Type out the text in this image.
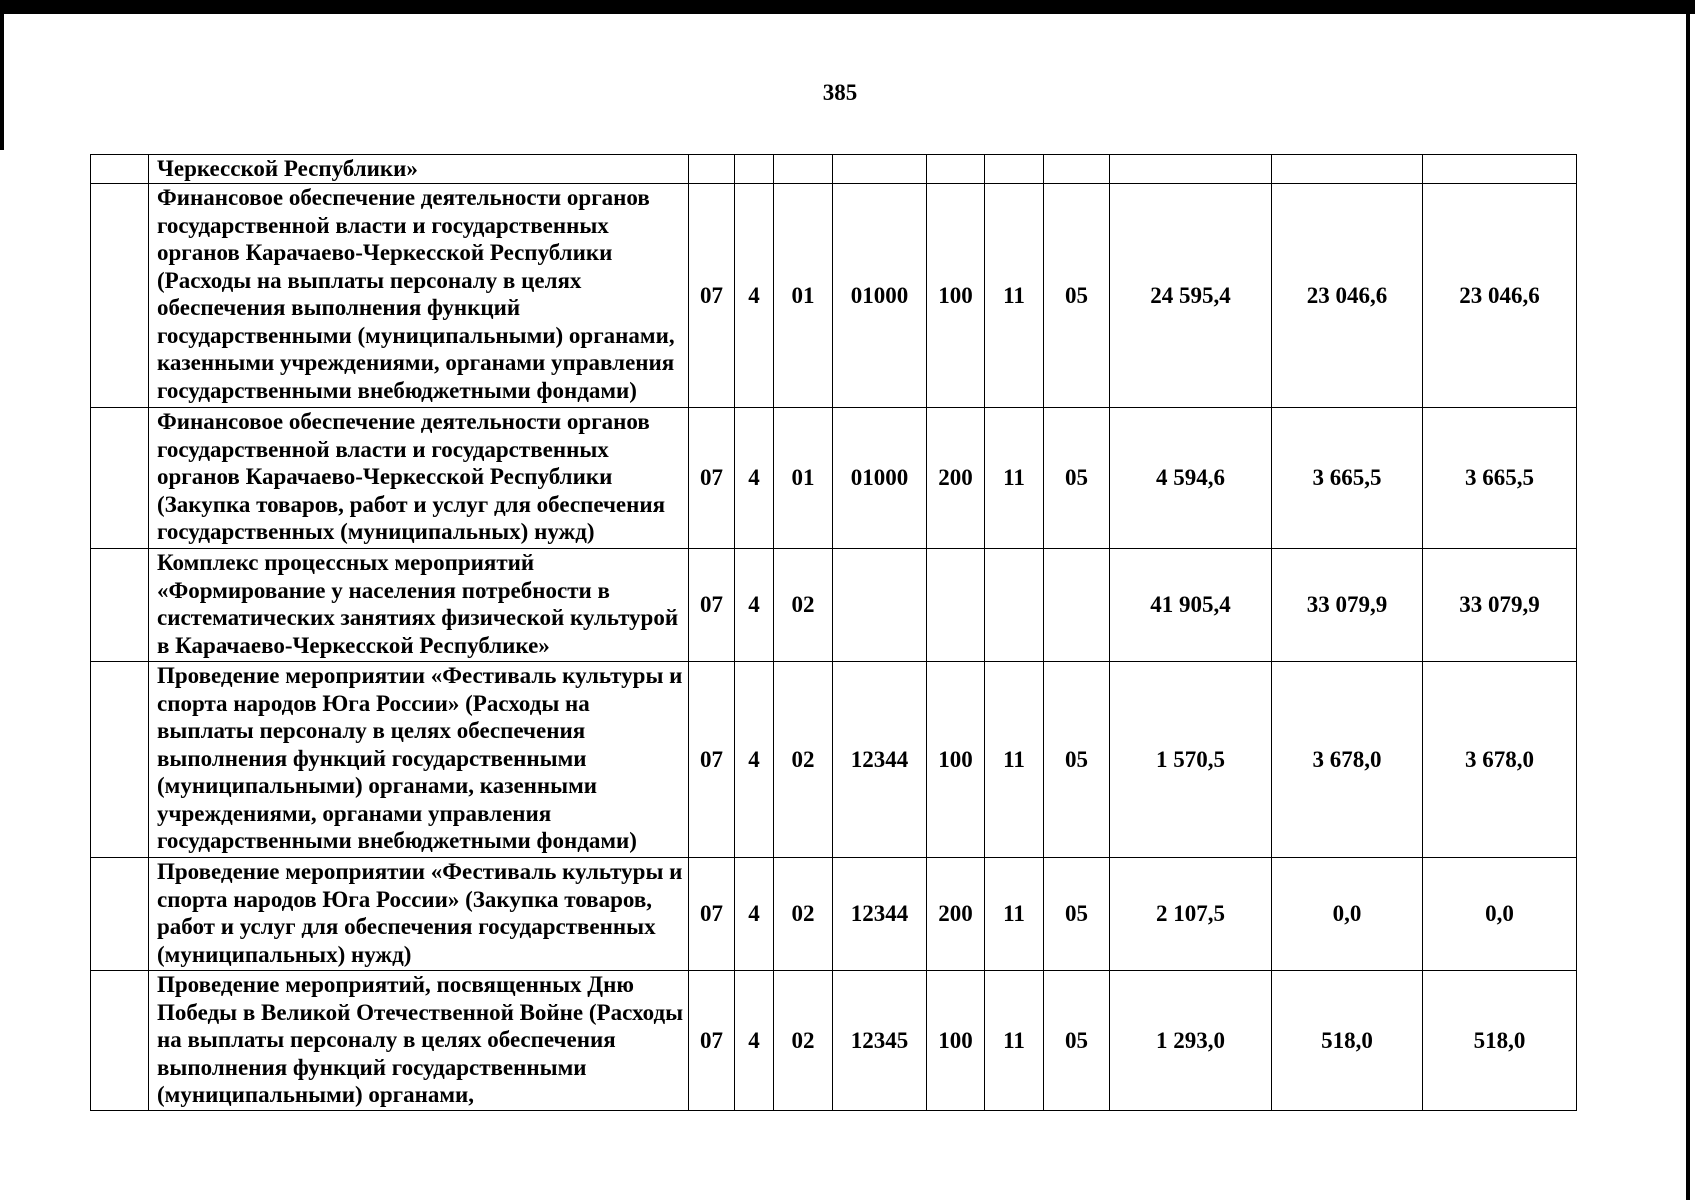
385
	Черкесской Республики»										
	Финансовое обеспечение деятельности органов государственной власти и государственных органов Карачаево-Черкесской Республики (Расходы на выплаты персоналу в целях обеспечения выполнения функций государственными (муниципальными) органами, казенными учреждениями, органами управления государственными внебюджетными фондами)	07	4	01	01000	100	11	05	24 595,4	23 046,6	23 046,6
	Финансовое обеспечение деятельности органов государственной власти и государственных органов Карачаево-Черкесской Республики (Закупка товаров, работ и услуг для обеспечения государственных (муниципальных) нужд)	07	4	01	01000	200	11	05	4 594,6	3 665,5	3 665,5
	Комплекс процессных мероприятий «Формирование у населения потребности в систематических занятиях физической культурой в Карачаево-Черкесской Республике»	07	4	02					41 905,4	33 079,9	33 079,9
	Проведение мероприятии «Фестиваль культуры и спорта народов Юга России» (Расходы на выплаты персоналу в целях обеспечения выполнения функций государственными (муниципальными) органами, казенными учреждениями, органами управления государственными внебюджетными фондами)	07	4	02	12344	100	11	05	1 570,5	3 678,0	3 678,0
	Проведение мероприятии «Фестиваль культуры и спорта народов Юга России» (Закупка товаров, работ и услуг для обеспечения государственных (муниципальных) нужд)	07	4	02	12344	200	11	05	2 107,5	0,0	0,0
	Проведение мероприятий, посвященных Дню Победы в Великой Отечественной Войне (Расходы на выплаты персоналу в целях обеспечения выполнения функций государственными (муниципальными) органами,	07	4	02	12345	100	11	05	1 293,0	518,0	518,0
